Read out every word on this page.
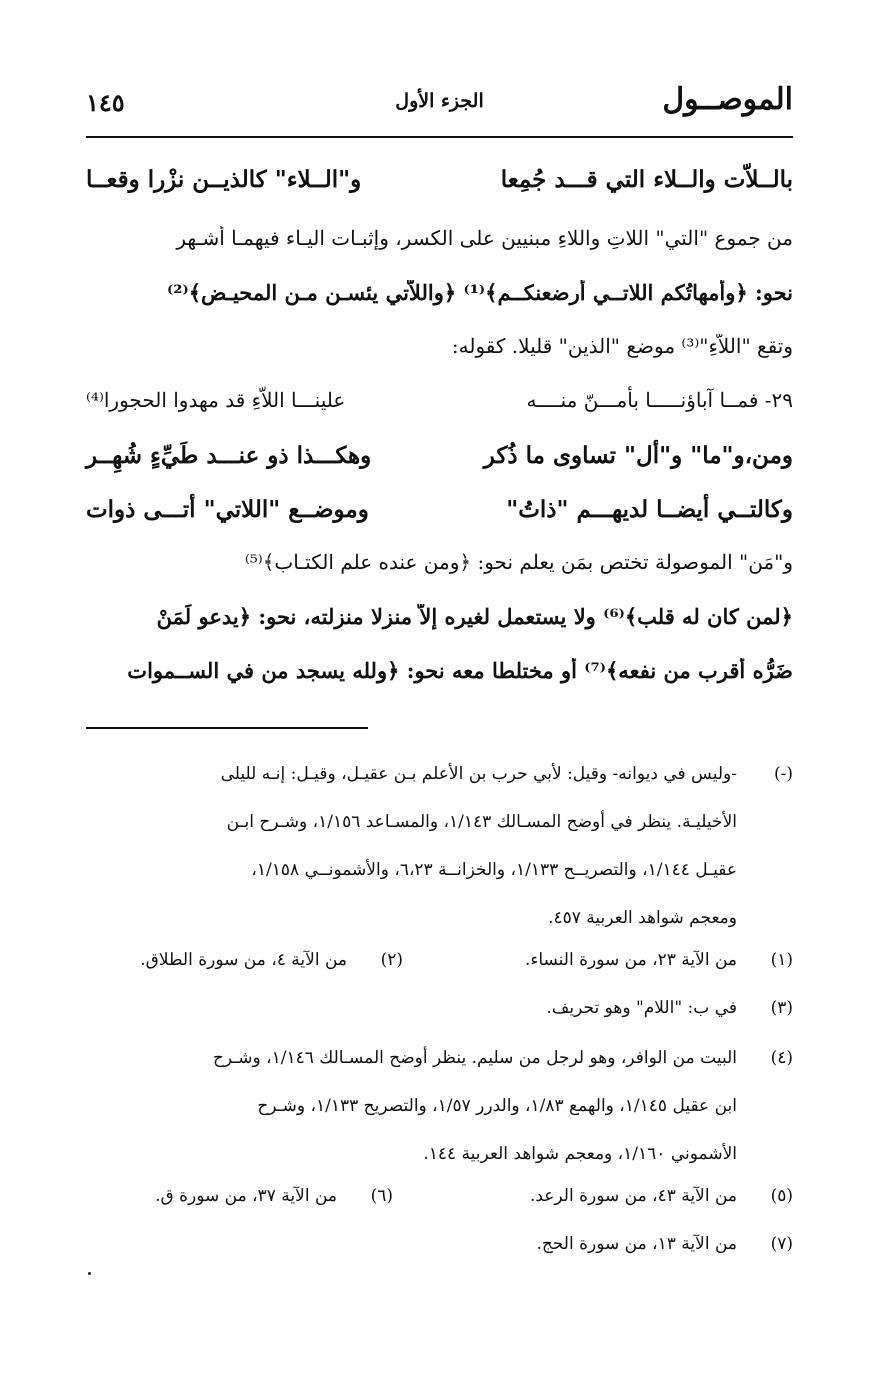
الموصــول
الجزء الأول
١٤٥
بالــلاّت والــلاء التي قـــد جُمِعا
و"الــلاء" كالذيــن نزْرا وقعــا
من جموع "التي" اللاتِ واللاءِ مبنيين على الكسر، وإثبـات اليـاء فيهمـا أشـهر
نحو: ﴿وأمهاتُكم اللاتــي أرضعنكــم﴾⁽¹⁾ ﴿واللاّتي يئسـن مـن المحيـض﴾⁽²⁾
وتقع "اللاّءِ"⁽³⁾ موضع "الذين" قليلا. كقوله:
٢٩- فمــا آباؤنـــــا بأمـــنّ منــــه
علينـــا اللاّءِ قد مهدوا الحجورا⁽⁴⁾
ومن،و"ما" و"أل" تساوى ما ذُكر
وهكـــذا ذو عنـــد طَيِّءٍ شُهِــر
وكالتــي أيضــا لديهـــم "ذاتُ"
وموضــع "اللاتي" أتـــى ذوات
و"مَن" الموصولة تختص بمَن يعلم نحو: ﴿ومن عنده علم الكتـاب﴾⁽⁵⁾
﴿لمن كان له قلب﴾⁽⁶⁾ ولا يستعمل لغيره إلاّ منزلا منزلته، نحو: ﴿يدعو لَمَنْ
ضَرُّه أقرب من نفعه﴾⁽⁷⁾ أو مختلطا معه نحو: ﴿ولله يسجد من في الســموات
(-)
-وليس في ديوانه- وقيل: لأبي حرب بن الأعلم بـن عقيـل، وقيـل: إنـه لليلى
الأخيليـة. ينظر في أوضح المسـالك ١/١٤٣، والمسـاعد ١/١٥٦، وشـرح ابـن
عقيـل ١/١٤٤، والتصريــح ١/١٣٣، والخزانــة ٦،٢٣، والأشمونــي ١/١٥٨،
ومعجم شواهد العربية ٤٥٧.
(١)
من الآية ٢٣، من سورة النساء.
(٢)
من الآية ٤، من سورة الطلاق.
(٣)
في ب: "اللام" وهو تحريف.
(٤)
البيت من الوافر، وهو لرجل من سليم. ينظر أوضح المسـالك ١/١٤٦، وشـرح
ابن عقيل ١/١٤٥، والهمع ١/٨٣، والدرر ١/٥٧، والتصريح ١/١٣٣، وشـرح
الأشموني ١/١٦٠، ومعجم شواهد العربية ١٤٤.
(٥)
من الآية ٤٣، من سورة الرعد.
(٦)
من الآية ٣٧، من سورة ق.
(٧)
من الآية ١٣، من سورة الحج.
